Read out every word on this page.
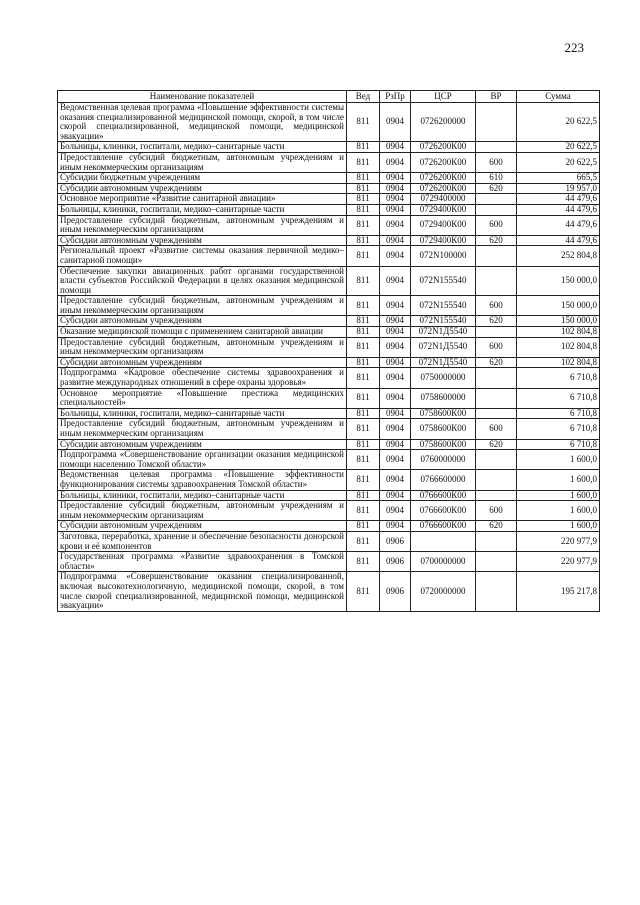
223
Наименование показателей	Вед	РзПр	ЦСР	ВР	Сумма
Ведомственная целевая программа «Повышение эффективности системы оказания специализированной медицинской помощи, скорой, в том числе скорой специализированной, медицинской помощи, медицинской эвакуации»	811	0904	0726200000		20 622,5
Больницы, клиники, госпитали, медико–санитарные части	811	0904	0726200К00		20 622,5
Предоставление субсидий бюджетным, автономным учреждениям и иным некоммерческим организациям	811	0904	0726200К00	600	20 622,5
Субсидии бюджетным учреждениям	811	0904	0726200К00	610	665,5
Субсидии автономным учреждениям	811	0904	0726200К00	620	19 957,0
Основное мероприятие «Развитие санитарной авиации»	811	0904	0729400000		44 479,6
Больницы, клиники, госпитали, медико–санитарные части	811	0904	0729400К00		44 479,6
Предоставление субсидий бюджетным, автономным учреждениям и иным некоммерческим организациям	811	0904	0729400К00	600	44 479,6
Субсидии автономным учреждениям	811	0904	0729400К00	620	44 479,6
Региональный проект «Развитие системы оказания первичной медико–санитарной помощи»	811	0904	072N100000		252 804,8
Обеспечение закупки авиационных работ органами государственной власти субъектов Российской Федерации в целях оказания медицинской помощи	811	0904	072N155540		150 000,0
Предоставление субсидий бюджетным, автономным учреждениям и иным некоммерческим организациям	811	0904	072N155540	600	150 000,0
Субсидии автономным учреждениям	811	0904	072N155540	620	150 000,0
Оказание медицинской помощи с применением санитарной авиации	811	0904	072N1Д5540		102 804,8
Предоставление субсидий бюджетным, автономным учреждениям и иным некоммерческим организациям	811	0904	072N1Д5540	600	102 804,8
Субсидии автономным учреждениям	811	0904	072N1Д5540	620	102 804,8
Подпрограмма «Кадровое обеспечение системы здравоохранения и развитие международных отношений в сфере охраны здоровья»	811	0904	0750000000		6 710,8
Основное мероприятие «Повышение престижа медицинских специальностей»	811	0904	0758600000		6 710,8
Больницы, клиники, госпитали, медико–санитарные части	811	0904	0758600К00		6 710,8
Предоставление субсидий бюджетным, автономным учреждениям и иным некоммерческим организациям	811	0904	0758600К00	600	6 710,8
Субсидии автономным учреждениям	811	0904	0758600К00	620	6 710,8
Подпрограмма «Совершенствование организации оказания медицинской помощи населению Томской области»	811	0904	0760000000		1 600,0
Ведомственная целевая программа «Повышение эффективности функционирования системы здравоохранения Томской области»	811	0904	0766600000		1 600,0
Больницы, клиники, госпитали, медико–санитарные части	811	0904	0766600К00		1 600,0
Предоставление субсидий бюджетным, автономным учреждениям и иным некоммерческим организациям	811	0904	0766600К00	600	1 600,0
Субсидии автономным учреждениям	811	0904	0766600К00	620	1 600,0
Заготовка, переработка, хранение и обеспечение безопасности донорской крови и её компонентов	811	0906			220 977,9
Государственная программа «Развитие здравоохранения в Томской области»	811	0906	0700000000		220 977,9
Подпрограмма «Совершенствование оказания специализированной, включая высокотехнологичную, медицинской помощи, скорой, в том числе скорой специализированной, медицинской помощи, медицинской эвакуации»	811	0906	0720000000		195 217,8
